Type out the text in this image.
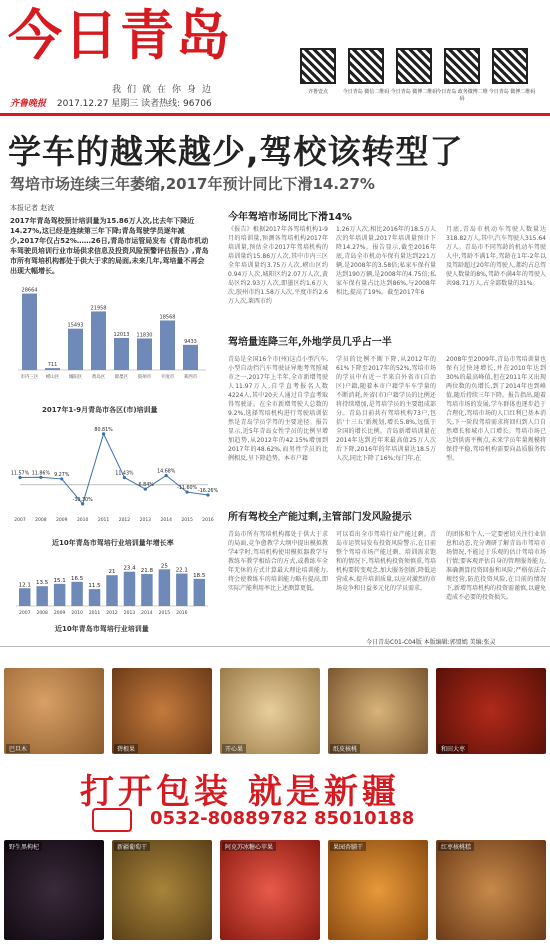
今日青岛
我们就在你身边
齐鲁晚报 2017.12.27 星期三 读者热线: 96706
齐鲁壹点	今日青岛 微信二维码 今日青岛 微博二维码
今日青岛 政务微博二维码
今日青岛 微博二维码
学车的越来越少,驾校该转型了
驾培市场连续三年萎缩,2017年预计同比下滑14.27%
本报记者 赵波
2017年青岛驾校预计培训量为15.86万人次,比去年下降近14.27%,这已经是连续第三年下降;青岛驾驶学员逐年减少,2017年仅占52%……26日,青岛市运管局发布《青岛市机动车驾驶员培训行业市场供求信息及投资风险预警评估报告》,青岛市所有驾培机构都处于供大于求的局面,未来几年,驾培量不再会出现大幅增长。
28664
市内三区
711
崂山区
15493
城阳区
21958
黄岛区
12013
即墨区
11830
胶州市
18568
平度市
9433
莱西市
2017年1-9月青岛市各区(市)培训量
11.57%
2007
11.86%
2008
9.27%
2009
-30.30%
2010
80.81%
2011
11.43%
2012
-6.84%
2013
14.68%
2014
-11.60%
2015
-16.26%
2016
近10年青岛市驾培行业培训量年增长率
12.1
2007
13.5
2008
15.1
2009
16.5
2010
11.5
2011
21
2012
23.4
2013
21.8
2014
25
2015
22.1
2016
18.5
近10年青岛市驾培行业培训量
今年驾培市场同比下滑14%
《报告》根据2017年各驾培机构1-9月的培训量,预测各驾培机构2017年培训量,预估全市2017年驾培机构的培训量约15.86万人次,其中市内三区全年培训量约3.75万人次,崂山区约0.94万人次,城阳区约2.07万人次,黄岛区约2.93万人次,即墨区约1.6万人次,胶州市约1.58万人次,平度市约2.6万人次,莱西市约
1.26万人次,相比2016年的18.5万人次的年培训量,2017年培训量预计下降14.27%。报告显示,截至2016年底,青岛全市机动车保有量达到221万辆,是2008年的3.58倍;私家车保有量达到190万辆,是2008年的4.75倍;私家车保有量占比达到86%,与2008年相比,提高了19%。截至2017年6
月底,青岛市机动车驾驶人数量达318.82万人,其中,汽车驾驶人315.64万人。青岛市不同驾龄的机动车驾驶人中,驾龄不满1年,驾龄在1年-2年以及驾龄超过20年的驾驶人,都约占总驾驶人数量的8%,驾龄不满4年的驾驶人共98.71万人,占全部数量的31%。
驾培量连降三年,外地学员几乎占一半
青岛是全国16个市(州)这点小型汽车,小型自动挡汽车驾驶证异地考驾照城市之一,2017年上半年,全市新增驾驶人11.97万人,自学直考报名人数4224人,其中20天人通过自学直考取得驾驶证。在全市新增驾驶人总数的9.2%,选择驾培机构进行驾驶培训依然是青岛学员学驾的主要途径。报告显示,近5年青岛女性学员的比例呈增加趋势,从2012年的42.15%增加到2017年的48.62%,而男性学员的比例相反,呈下降趋势。本市户籍
学员的比例不断下降,从2012年的61%下降至2017年的52%,驾培市场的学员中有近一半来自外省市(自治区)户籍,随着本市户籍学车车学量的不断消耗,外省(市)户籍学员的比例还将持续增加,是驾培学员的主要组成部分。青岛目前共有驾培机构73户,包括'十三五'新规划,增长5.8%,远低于全国的增长比例。青岛新增培训量在2014年达到近年来最高值25万人次后下降,2016年的年培训量达18.5万人次,同比下降了16%;每门年,在
2008年至2009年,青岛市驾培训量也保有过快速增长,并在2010年达到30%的最高峰值,但在2011年又出现两位数的负增长,到了2014年也到峰值,随后持续三年下降。报告指出,随着驾培市场的发展,学车群体也逐步趋于合理化,驾培市场的人口红利已基本消失,下一阶段驾培需求将回归到人口自然增长和城市人口增长。驾培市场已达到供需平衡点,未来学员年量规模将保持平稳,驾培机构需要向品质服务转型。
所有驾校全产能过剩,主管部门发风险提示
青岛市所有驾培机构都处于供大于求的局面,竞争愈教学大纲中提出模拟教学4学时,驾培机构使用模拟器教学与教练车教学相结合的方式,或教练车全年无休的方式计算最大理论培训能力,将会使教练车的培训能力略有提高,即实际产能利用率比上述测算更低。
可以看出全市驾培行业产能过剩。青岛市运管局发布投资风险警示,在目前整个驾培市场产能过剩、培训需求饱和的情况下,驾培机构投资须慎重,驾培机构要转变观念,加大服务创新,降低运营成本,提升培训质量,以应对激烈的市场竞争和日益多元化的学员需求。
的团体和个人,一定要密切关注行业信息和动态,充分调研了解青岛市驾培市场情况,不能过于乐观的估计驾培市场行情;要客观评估自身的管理服务能力,准确测算投资回报和风险;严格依法合规经营,防范投资风险,在目前的情况下,新增驾培机构的投资需谨慎,以避免造成不必要的投资损失。
今日青岛C01-C04版 本版编辑:郭盟嫣 美编:张灵
巴旦木	碧根果	开心果	纸皮核桃	和田大枣
打开包装 就是新疆
0532-80889782 85010188
野生黑枸杞	新疆葡萄干	阿克苏冰糖心苹果	果园杏脯干	红枣核桃糕
